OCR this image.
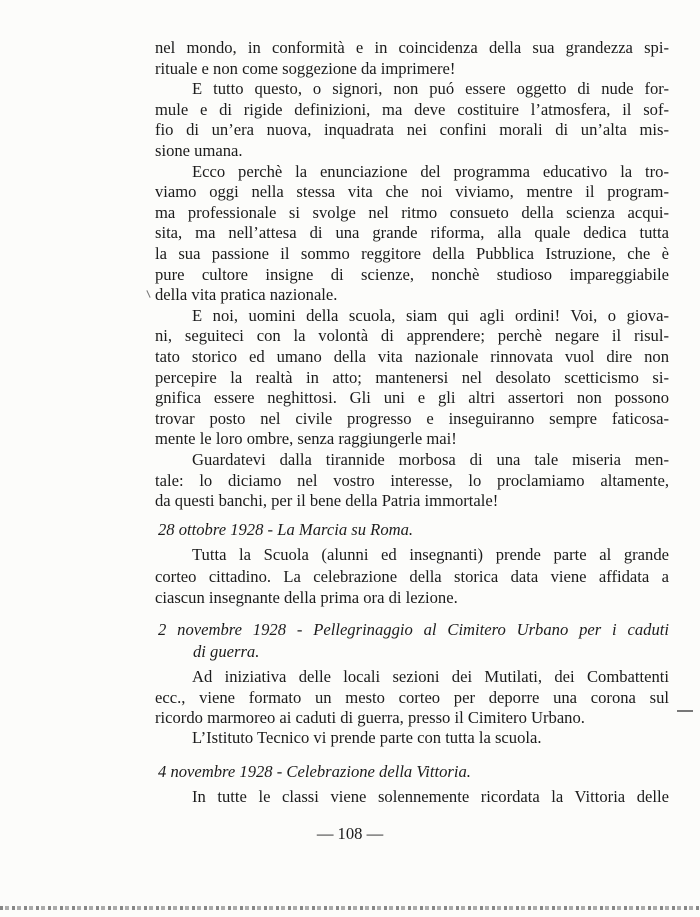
nel mondo, in conformità e in coincidenza della sua grandezza spi-
rituale e non come soggezione da imprimere!
E tutto questo, o signori, non puó essere oggetto di nude for-
mule e di rigide definizioni, ma deve costituire l’atmosfera, il sof-
fio di un’era nuova, inquadrata nei confini morali di un’alta mis-
sione umana.
Ecco perchè la enunciazione del programma educativo la tro-
viamo oggi nella stessa vita che noi viviamo, mentre il program-
ma professionale si svolge nel ritmo consueto della scienza acqui-
sita, ma nell’attesa di una grande riforma, alla quale dedica tutta
la sua passione il sommo reggitore della Pubblica Istruzione, che è
pure cultore insigne di scienze, nonchè studioso impareggiabile
della vita pratica nazionale.
E noi, uomini della scuola, siam qui agli ordini! Voi, o giova-
ni, seguiteci con la volontà di apprendere; perchè negare il risul-
tato storico ed umano della vita nazionale rinnovata vuol dire non
percepire la realtà in atto; mantenersi nel desolato scetticismo si-
gnifica essere neghittosi. Gli uni e gli altri assertori non possono
trovar posto nel civile progresso e inseguiranno sempre faticosa-
mente le loro ombre, senza raggiungerle mai!
Guardatevi dalla tirannide morbosa di una tale miseria men-
tale: lo diciamo nel vostro interesse, lo proclamiamo altamente,
da questi banchi, per il bene della Patria immortale!
28 ottobre 1928 - La Marcia su Roma.
Tutta la Scuola (alunni ed insegnanti) prende parte al grande
corteo cittadino. La celebrazione della storica data viene affidata a
ciascun insegnante della prima ora di lezione.
2 novembre 1928 - Pellegrinaggio al Cimitero Urbano per i caduti
di guerra.
Ad iniziativa delle locali sezioni dei Mutilati, dei Combattenti
ecc., viene formato un mesto corteo per deporre una corona sul
ricordo marmoreo ai caduti di guerra, presso il Cimitero Urbano.
L’Istituto Tecnico vi prende parte con tutta la scuola.
4 novembre 1928 - Celebrazione della Vittoria.
In tutte le classi viene solennemente ricordata la Vittoria delle
— 108 —
